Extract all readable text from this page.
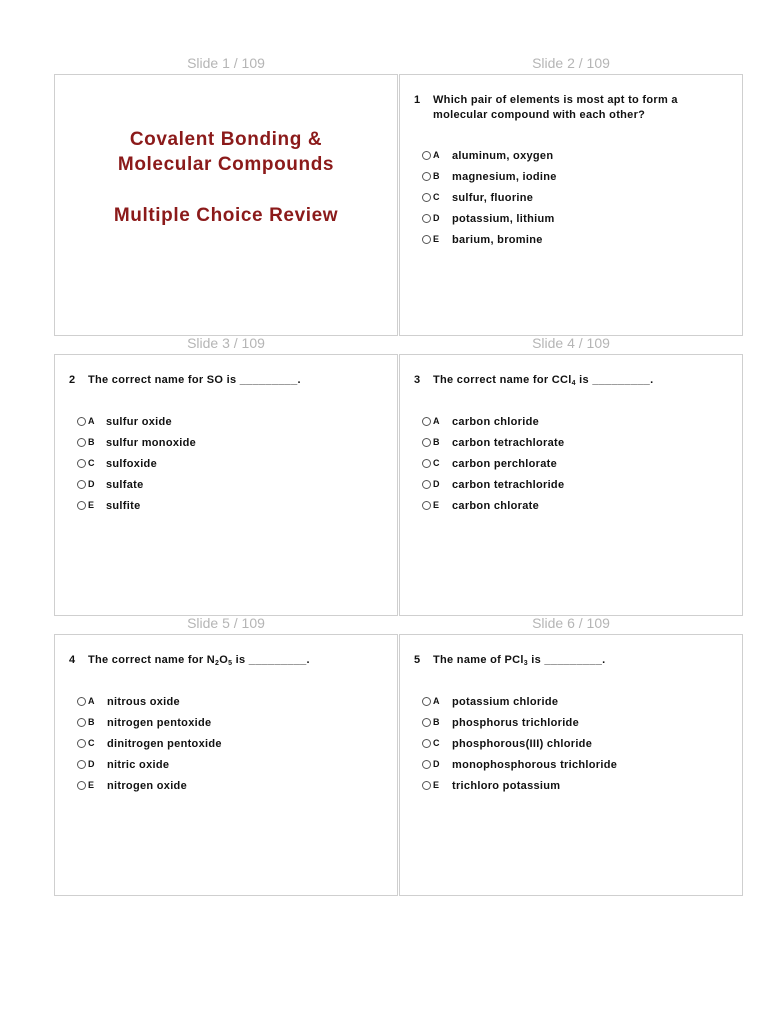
Slide 1 / 109	Slide 2 / 109
Covalent Bonding &
Molecular Compounds
Multiple Choice Review
1 Which pair of elements is most apt to form a molecular compound with each other?
A aluminum, oxygen
B magnesium, iodine
C sulfur, fluorine
D potassium, lithium
E barium, bromine
Slide 3 / 109	Slide 4 / 109
2 The correct name for SO is _________.
A sulfur oxide
B sulfur monoxide
C sulfoxide
D sulfate
E sulfite
3 The correct name for CCl$_4$ is _________.
A carbon chloride
B carbon tetrachlorate
C carbon perchlorate
D carbon tetrachloride
E carbon chlorate
Slide 5 / 109	Slide 6 / 109
4 The correct name for $N_2O_5$ is _________.
A nitrous oxide
B nitrogen pentoxide
C dinitrogen pentoxide
D nitric oxide
E nitrogen oxide
5 The name of PCl$_3$ is _________.
A potassium chloride
B phosphorus trichloride
C phosphorous(III) chloride
D monophosphorous trichloride
E trichloro potassium
